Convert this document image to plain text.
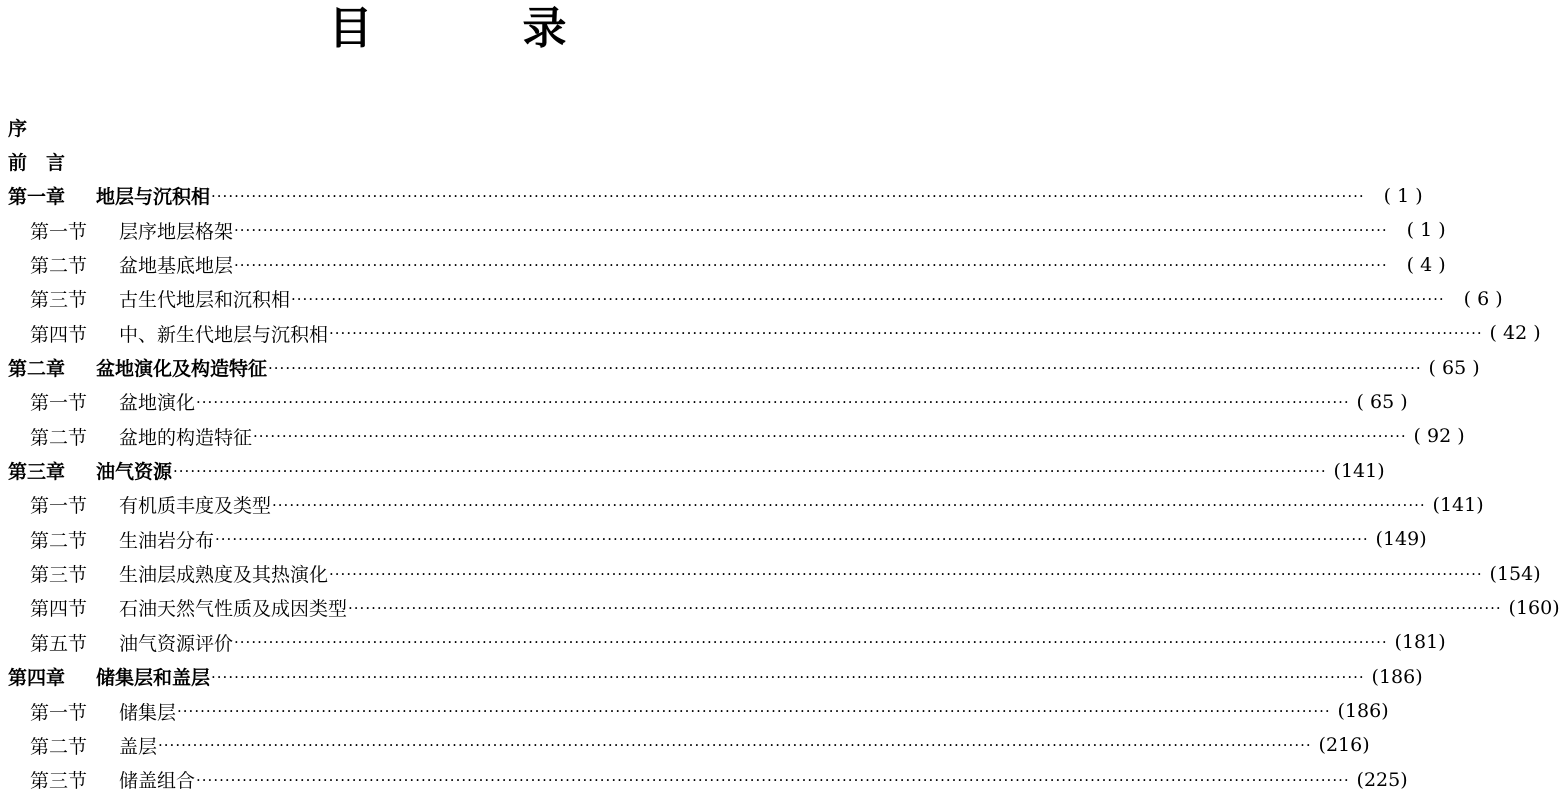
目	录
序
前　言
第一章 地层与沉积相 ········································································································································································································	( 1 )
第一节 层序地层格架 ········································································································································································································	( 1 )
第二节 盆地基底地层 ········································································································································································································	( 4 )
第三节 古生代地层和沉积相 ········································································································································································································	( 6 )
第四节 中、新生代地层与沉积相 ········································································································································································································ ( 42 )
第二章 盆地演化及构造特征 ········································································································································································································ ( 65 )
第一节 盆地演化 ········································································································································································································ ( 65 )
第二节 盆地的构造特征 ········································································································································································································ ( 92 )
第三章 油气资源 ········································································································································································································ (141)
第一节 有机质丰度及类型 ········································································································································································································ (141)
第二节 生油岩分布 ········································································································································································································ (149)
第三节 生油层成熟度及其热演化 ········································································································································································································ (154)
第四节 石油天然气性质及成因类型 ········································································································································································································ (160)
第五节 油气资源评价 ········································································································································································································ (181)
第四章 储集层和盖层 ········································································································································································································ (186)
第一节 储集层 ········································································································································································································ (186)
第二节 盖层 ········································································································································································································ (216)
第三节 储盖组合 ········································································································································································································ (225)
